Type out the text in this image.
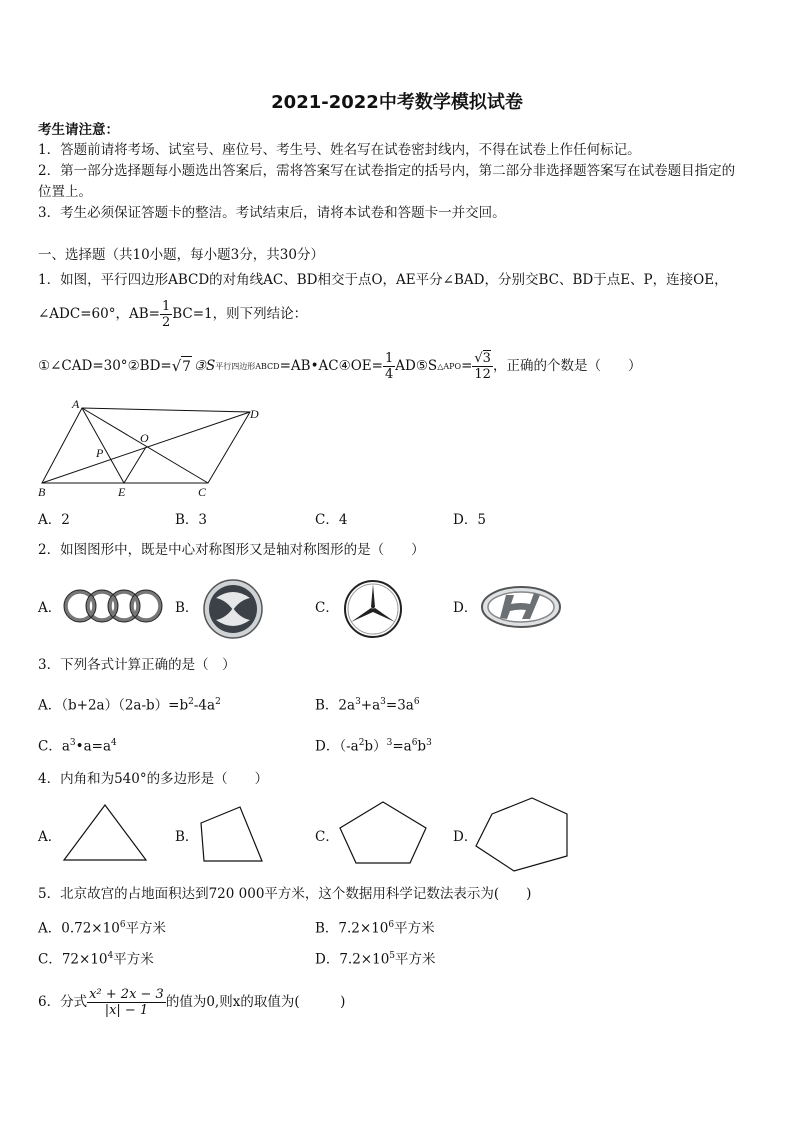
2021-2022中考数学模拟试卷
考生请注意：
1．答题前请将考场、试室号、座位号、考生号、姓名写在试卷密封线内，不得在试卷上作任何标记。
2．第一部分选择题每小题选出答案后，需将答案写在试卷指定的括号内，第二部分非选择题答案写在试卷题目指定的
位置上。
3．考生必须保证答题卡的整洁。考试结束后，请将本试卷和答题卡一并交回。
一、选择题（共10小题，每小题3分，共30分）
1．如图，平行四边形ABCD的对角线AC、BD相交于点O，AE平分∠BAD，分别交BC、BD于点E、P，连接OE，
∠ADC=60°，$AB= \frac{1}{2} BC=1$，则下列结论：
①∠CAD=30° ②BD= √ 7 ③S 平行四边形ABCD =AB•AC ④OE= $\frac{1}{4}$ AD ⑤S △APO = $\frac{√3}{12}$ ，正确的个数是（　　）
A
D
O
P
B	E	C
A．2	B．3	C．4	D．5
2．如图图形中，既是中心对称图形又是轴对称图形的是（　　）
A．	B．	C．	D．
3．下列各式计算正确的是（　）
A．$(b+2a)(2a-b)=b^2-4a^2$	B．$2a^3+a^3=3a^6$
C．$a^3•a=a^4$	D．$(-a^2b)^3=a^6b^3$
4．内角和为540°的多边形是（　　）
A．	B．	C．	D．
5．北京故宫的占地面积达到720 000平方米，这个数据用科学记数法表示为(　　)
A．$0.72\times 10^6$平方米	B．$7.2\times 10^6$平方米
C．$72\times 10^4$平方米	D．$7.2\times 10^5$平方米
6．分式 $\frac{\text{x² + 2x − 3}}{|x| - 1}$ 的值为0,则x的取值为(　　　)
